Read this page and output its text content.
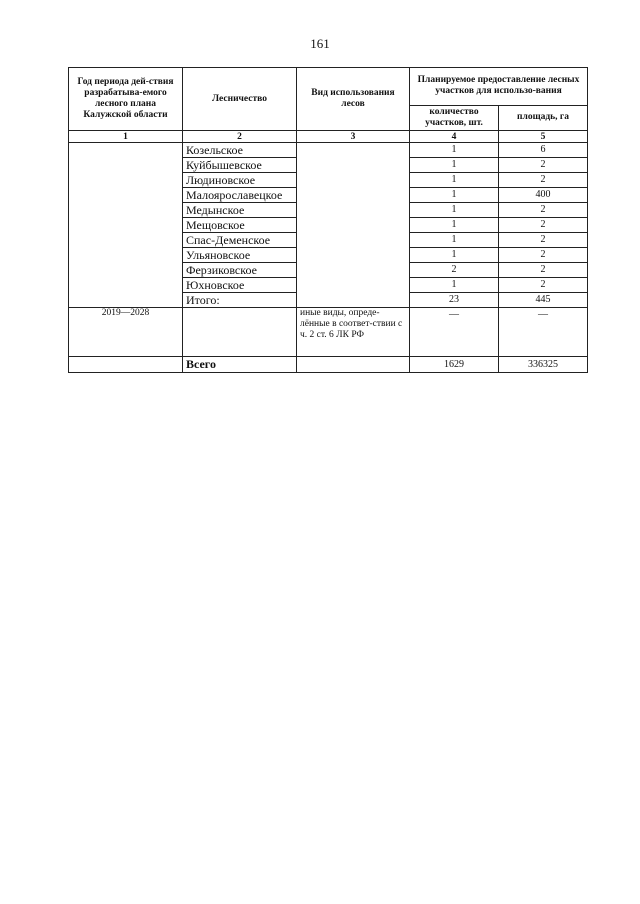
161
Год периода дей-ствия разрабатыва-емого лесного плана Калужской области	Лесничество	Вид использования лесов	Планируемое предоставление лесных участков для использо-вания	
			количество участков, шт.	площадь, га
1	2	3	4	5
	Козельское		1	6
	Куйбышевское		1	2
	Людиновское		1	2
	Малоярославецкое		1	400
	Медынское		1	2
	Мещовское		1	2
	Спас-Деменское		1	2
	Ульяновское		1	2
	Ферзиковское		2	2
	Юхновское		1	2
	Итого:		23	445
2019—2028		иные виды, опреде-лённые в соответ-ствии с ч. 2 ст. 6 ЛК РФ	—	—
	Всего		1629	336325
